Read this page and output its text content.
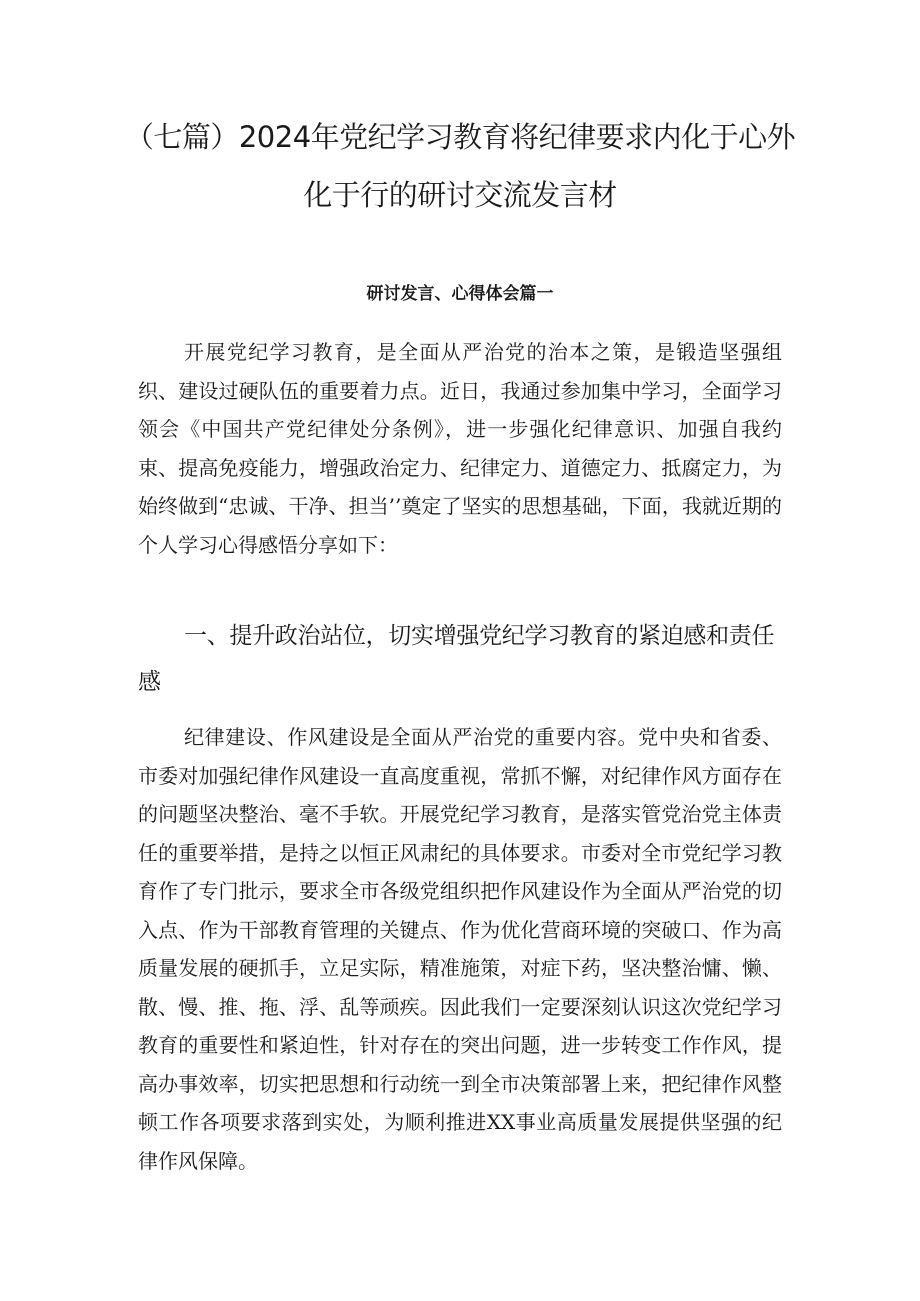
（七篇）2024年党纪学习教育将纪律要求内化于心外化于行的研讨交流发言材
研讨发言、心得体会篇一

开展党纪学习教育，是全面从严治党的治本之策，是锻造坚强组织、建设过硬队伍的重要着力点。近日，我通过参加集中学习，全面学习领会《中国共产党纪律处分条例》，进一步强化纪律意识、加强自我约束、提高免疫能力，增强政治定力、纪律定力、道德定力、抵腐定力，为始终做到“忠诚、干净、担当’’奠定了坚实的思想基础，下面，我就近期的个人学习心得感悟分享如下：

一、提升政治站位，切实增强党纪学习教育的紧迫感和责任感

纪律建设、作风建设是全面从严治党的重要内容。党中央和省委、市委对加强纪律作风建设一直高度重视，常抓不懈，对纪律作风方面存在的问题坚决整治、毫不手软。开展党纪学习教育，是落实管党治党主体责任的重要举措，是持之以恒正风肃纪的具体要求。市委对全市党纪学习教育作了专门批示，要求全市各级党组织把作风建设作为全面从严治党的切入点、作为干部教育管理的关键点、作为优化营商环境的突破口、作为高质量发展的硬抓手，立足实际，精准施策，对症下药，坚决整治慵、懒、散、慢、推、拖、浮、乱等顽疾。因此我们一定要深刻认识这次党纪学习教育的重要性和紧迫性，针对存在的突出问题，进一步转变工作作风，提高办事效率，切实把思想和行动统一到全市决策部署上来，把纪律作风整顿工作各项要求落到实处，为顺利推进XX事业高质量发展提供坚强的纪律作风保障。
